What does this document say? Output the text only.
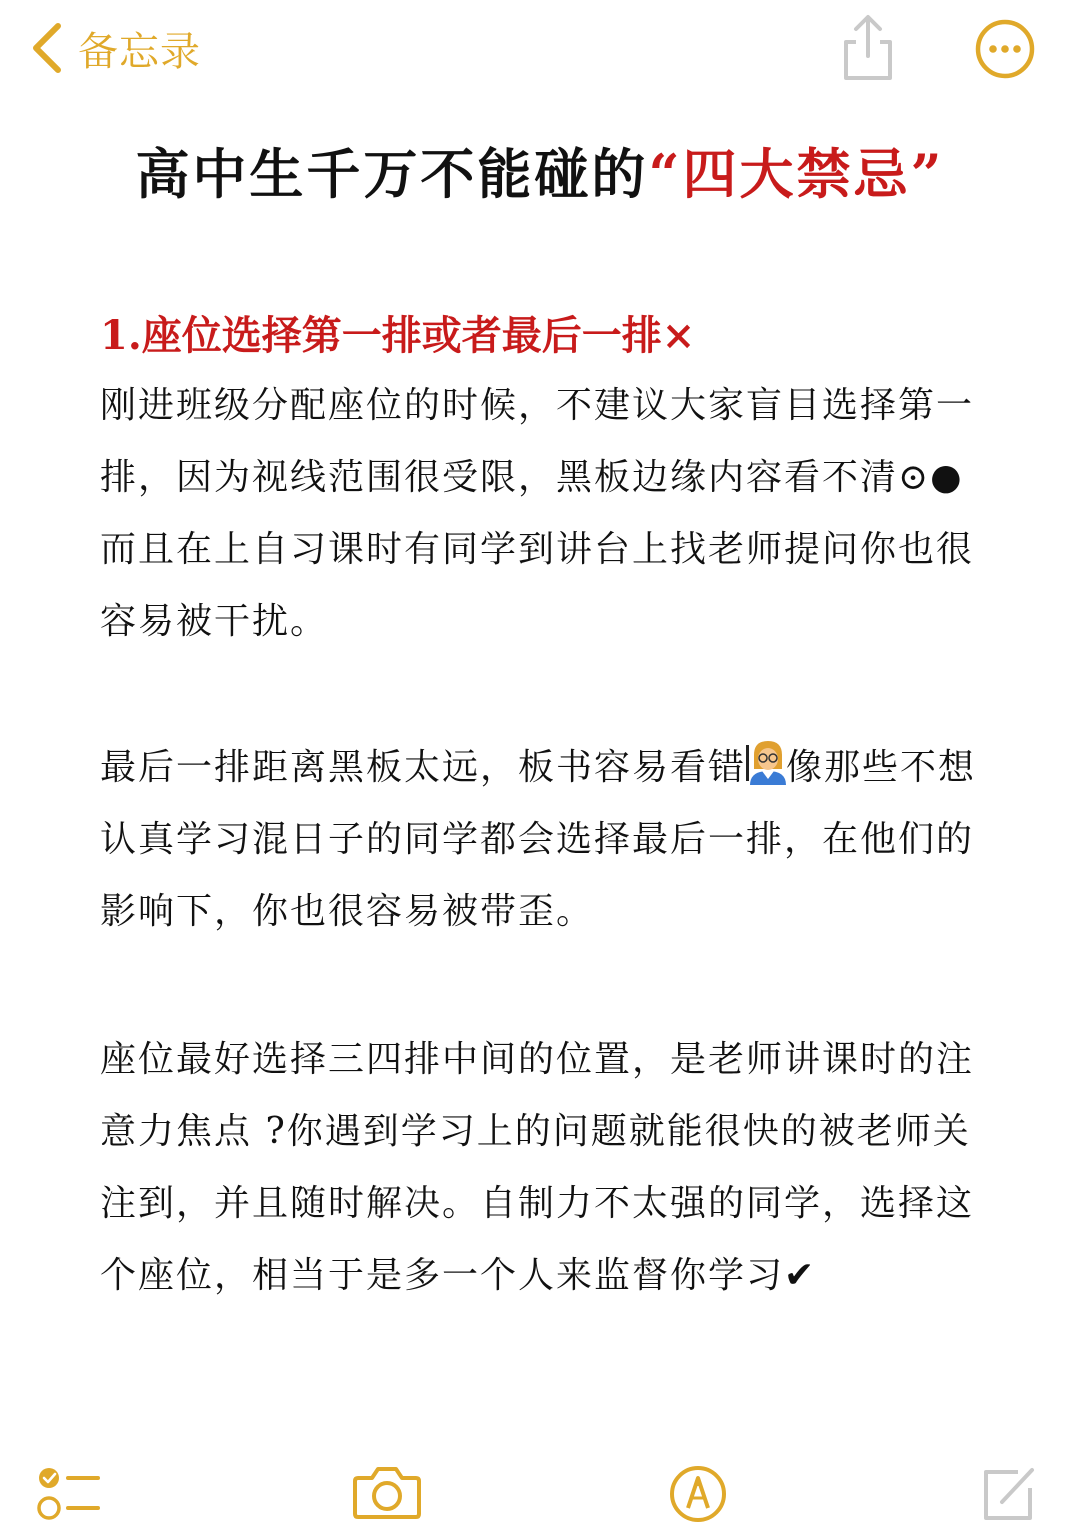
备忘录
高中生千万不能碰的“四大禁忌”
1.座位选择第一排或者最后一排×

刚进班级分配座位的时候，不建议大家盲目选择第一排，因为视线范围很受限，黑板边缘内容看不清⊙●而且在上自习课时有同学到讲台上找老师提问你也很容易被干扰。

最后一排距离黑板太远，板书容易看错 像那些不想认真学习混日子的同学都会选择最后一排，在他们的影响下，你也很容易被带歪。

座位最好选择三四排中间的位置，是老师讲课时的注意力焦点 ?你遇到学习上的问题就能很快的被老师关注到，并且随时解决。自制力不太强的同学，选择这个座位，相当于是多一个人来监督你学习✔
